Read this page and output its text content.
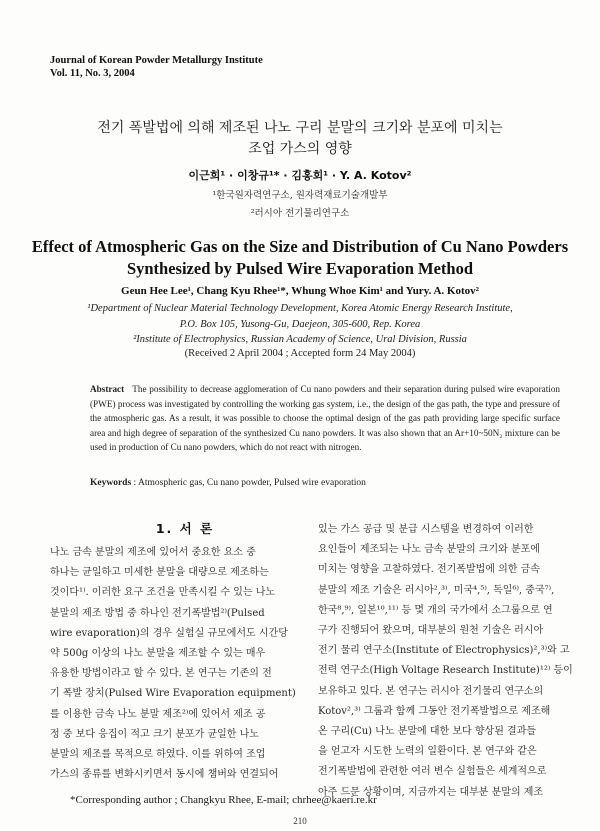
Journal of Korean Powder Metallurgy Institute
Vol. 11, No. 3, 2004
전기 폭발법에 의해 제조된 나노 구리 분말의 크기와 분포에 미치는
조업 가스의 영향
이근희¹ · 이창규¹* · 김홍회¹ · Y. A. Kotov²
¹한국원자력연구소, 원자력재료기술개발부
²러시아 전기물리연구소
Effect of Atmospheric Gas on the Size and Distribution of Cu Nano Powders
Synthesized by Pulsed Wire Evaporation Method
Geun Hee Lee¹, Chang Kyu Rhee¹*, Whung Whoe Kim¹ and Yury. A. Kotov²
¹Department of Nuclear Material Technology Development, Korea Atomic Energy Research Institute,
P.O. Box 105, Yusong-Gu, Daejeon, 305-600, Rep. Korea
²Institute of Electrophysics, Russian Academy of Science, Ural Division, Russia
(Received 2 April 2004 ; Accepted form 24 May 2004)
Abstract The possibility to decrease agglomeration of Cu nano powders and their separation during pulsed wire evaporation (PWE) process was investigated by controlling the working gas system, i.e., the design of the gas path, the type and pressure of the atmospheric gas. As a result, it was possible to choose the optimal design of the gas path providing large specific surface area and high degree of separation of the synthesized Cu nano powders. It was also shown that an Ar+10~50N₂ mixture can be used in production of Cu nano powders, which do not react with nitrogen.
Keywords : Atmospheric gas, Cu nano powder, Pulsed wire evaporation
1. 서 론
나노 금속 분말의 제조에 있어서 중요한 요소 중
하나는 균일하고 미세한 분말을 대량으로 제조하는
것이다¹⁾. 이러한 요구 조건을 만족시킬 수 있는 나노
분말의 제조 방법 중 하나인 전기폭발법²⁾(Pulsed
wire evaporation)의 경우 실험실 규모에서도 시간당
약 500g 이상의 나노 분말을 제조할 수 있는 매우
유용한 방법이라고 할 수 있다. 본 연구는 기존의 전
기 폭발 장치(Pulsed Wire Evaporation equipment)
를 이용한 금속 나노 분말 제조²⁾에 있어서 제조 공
정 중 보다 응집이 적고 크기 분포가 균일한 나노
분말의 제조를 목적으로 하였다. 이를 위하여 조업
가스의 종류를 변화시키면서 동시에 챔버와 연결되어
있는 가스 공급 및 분급 시스템을 변경하여 이러한
요인들이 제조되는 나노 금속 분말의 크기와 분포에
미치는 영향을 고찰하였다. 전기폭발법에 의한 금속
분말의 제조 기술은 러시아²,³⁾, 미국⁴,⁵⁾, 독일⁶⁾, 중국⁷⁾,
한국⁸,⁹⁾, 일본¹⁰,¹¹⁾ 등 몇 개의 국가에서 소그룹으로 연
구가 진행되어 왔으며, 대부분의 원천 기술은 러시아
전기 물리 연구소(Institute of Electrophysics)²,³⁾와 고
전력 연구소(High Voltage Research Institute)¹²⁾ 등이
보유하고 있다. 본 연구는 러시아 전기물리 연구소의
Kotov²,³⁾ 그룹과 함께 그동안 전기폭발법으로 제조해
온 구리(Cu) 나노 분말에 대한 보다 향상된 결과들
을 얻고자 시도한 노력의 일환이다. 본 연구와 같은
전기폭발법에 관련한 여러 변수 실험들은 세계적으로
아주 드문 상황이며, 지금까지는 대부분 분말의 제조
*Corresponding author ; Changkyu Rhee, E-mail; chrhee@kaeri.re.kr
210
